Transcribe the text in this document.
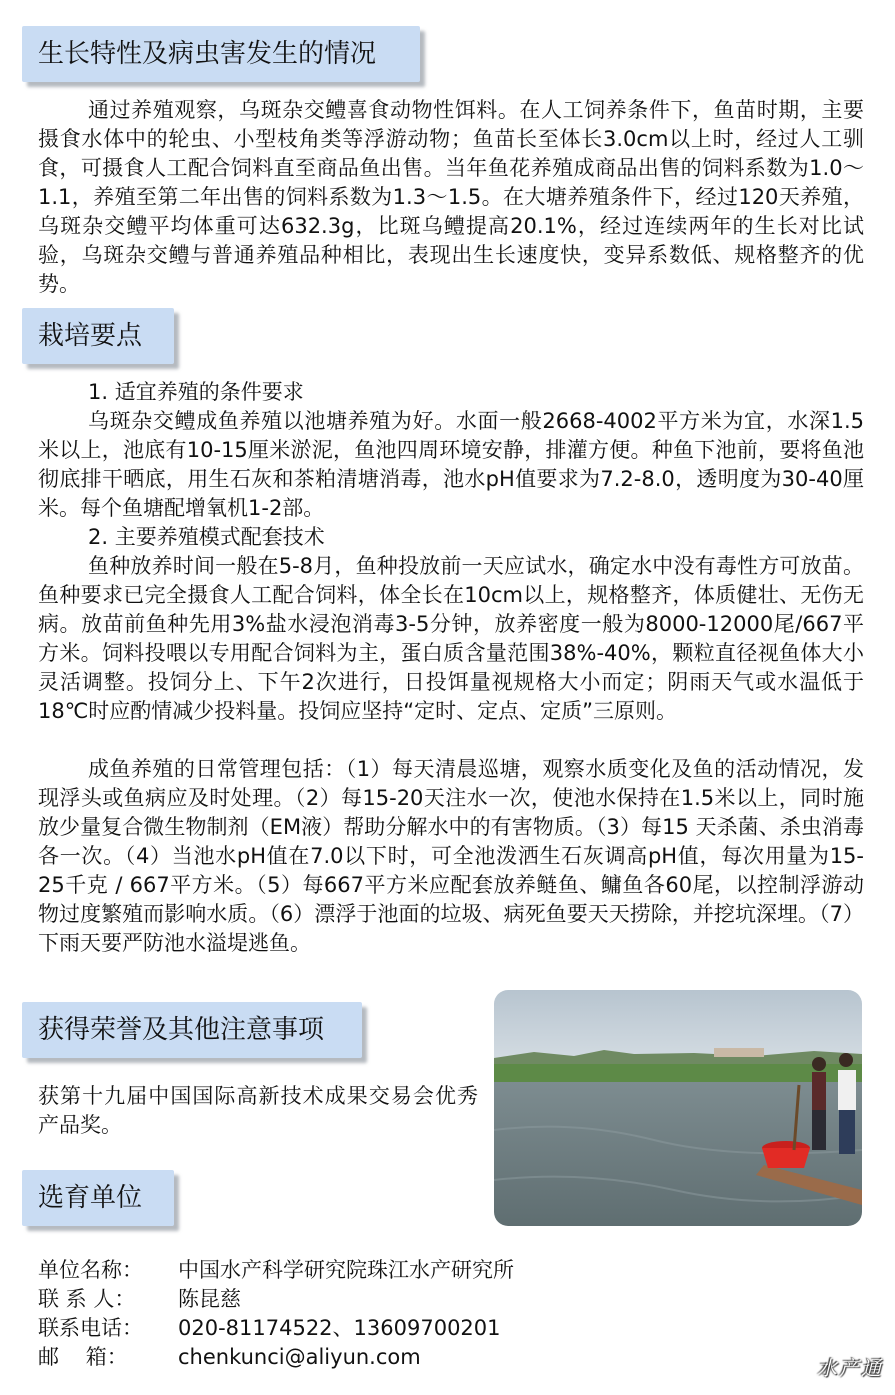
生长特性及病虫害发生的情况

通过养殖观察，乌斑杂交鳢喜食动物性饵料。在人工饲养条件下，鱼苗时期，主要摄食水体中的轮虫、小型枝角类等浮游动物；鱼苗长至体长3.0cm以上时，经过人工驯食，可摄食人工配合饲料直至商品鱼出售。当年鱼花养殖成商品出售的饲料系数为1.0～1.1，养殖至第二年出售的饲料系数为1.3～1.5。在大塘养殖条件下，经过120天养殖，乌斑杂交鳢平均体重可达632.3g，比斑乌鳢提高20.1%，经过连续两年的生长对比试验，乌斑杂交鳢与普通养殖品种相比，表现出生长速度快，变异系数低、规格整齐的优势。

栽培要点

1. 适宜养殖的条件要求

乌斑杂交鳢成鱼养殖以池塘养殖为好。水面一般2668-4002平方米为宜，水深1.5米以上，池底有10-15厘米淤泥，鱼池四周环境安静，排灌方便。种鱼下池前，要将鱼池彻底排干晒底，用生石灰和茶粕清塘消毒，池水pH值要求为7.2-8.0，透明度为30-40厘米。每个鱼塘配增氧机1-2部。

2. 主要养殖模式配套技术

鱼种放养时间一般在5-8月，鱼种投放前一天应试水，确定水中没有毒性方可放苗。鱼种要求已完全摄食人工配合饲料，体全长在10cm以上，规格整齐，体质健壮、无伤无病。放苗前鱼种先用3%盐水浸泡消毒3-5分钟，放养密度一般为8000-12000尾/667平方米。饲料投喂以专用配合饲料为主，蛋白质含量范围38%-40%，颗粒直径视鱼体大小灵活调整。投饲分上、下午2次进行，日投饵量视规格大小而定；阴雨天气或水温低于18℃时应酌情减少投料量。投饲应坚持“定时、定点、定质”三原则。

成鱼养殖的日常管理包括：（1）每天清晨巡塘，观察水质变化及鱼的活动情况，发现浮头或鱼病应及时处理。（2）每15-20天注水一次，使池水保持在1.5米以上，同时施放少量复合微生物制剂（EM液）帮助分解水中的有害物质。（3）每15 天杀菌、杀虫消毒各一次。（4）当池水pH值在7.0以下时，可全池泼洒生石灰调高pH值，每次用量为15-25千克 / 667平方米。（5）每667平方米应配套放养鲢鱼、鳙鱼各60尾，以控制浮游动物过度繁殖而影响水质。（6）漂浮于池面的垃圾、病死鱼要天天捞除，并挖坑深埋。（7）下雨天要严防池水溢堤逃鱼。

获得荣誉及其他注意事项

获第十九届中国国际高新技术成果交易会优秀产品奖。

选育单位
单位名称：	中国水产科学研究院珠江水产研究所
联 系 人：	陈昆慈
联系电话：	020-81174522、13609700201
邮    箱：	chenkunci@aliyun.com	水产通
